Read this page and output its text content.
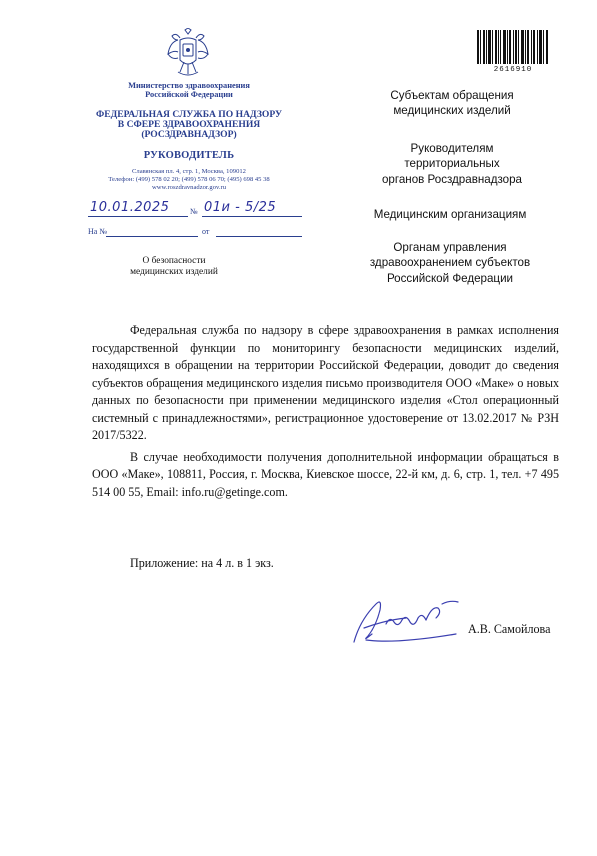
Министерство здравоохранения
Российской Федерации
ФЕДЕРАЛЬНАЯ СЛУЖБА ПО НАДЗОРУ
В СФЕРЕ ЗДРАВООХРАНЕНИЯ
(РОСЗДРАВНАДЗОР)
РУКОВОДИТЕЛЬ
Славянская пл. 4, стр. 1, Москва, 109012
Телефон: (499) 578 02 20; (499) 578 06 70; (495) 698 45 38
www.roszdravnadzor.gov.ru
10.01.2025	№ 01и - 5/25
На №	от
О безопасности
медицинских изделий
2616910
Субъектам обращения
медицинских изделий
Руководителям
территориальных
органов Росздравнадзора
Медицинским организациям
Органам управления
здравоохранением субъектов
Российской Федерации

Федеральная служба по надзору в сфере здравоохранения в рамках исполнения государственной функции по мониторингу безопасности медицинских изделий, находящихся в обращении на территории Российской Федерации, доводит до сведения субъектов обращения медицинского изделия письмо производителя ООО «Маке» о новых данных по безопасности при применении медицинского изделия «Стол операционный системный с принадлежностями», регистрационное удостоверение от 13.02.2017 № РЗН 2017/5322.

В случае необходимости получения дополнительной информации обращаться в ООО «Маке», 108811, Россия, г. Москва, Киевское шоссе, 22-й км, д. 6, стр. 1, тел. +7 495 514 00 55, Email: info.ru@getinge.com.

Приложение: на 4 л. в 1 экз.
А.В. Самойлова
